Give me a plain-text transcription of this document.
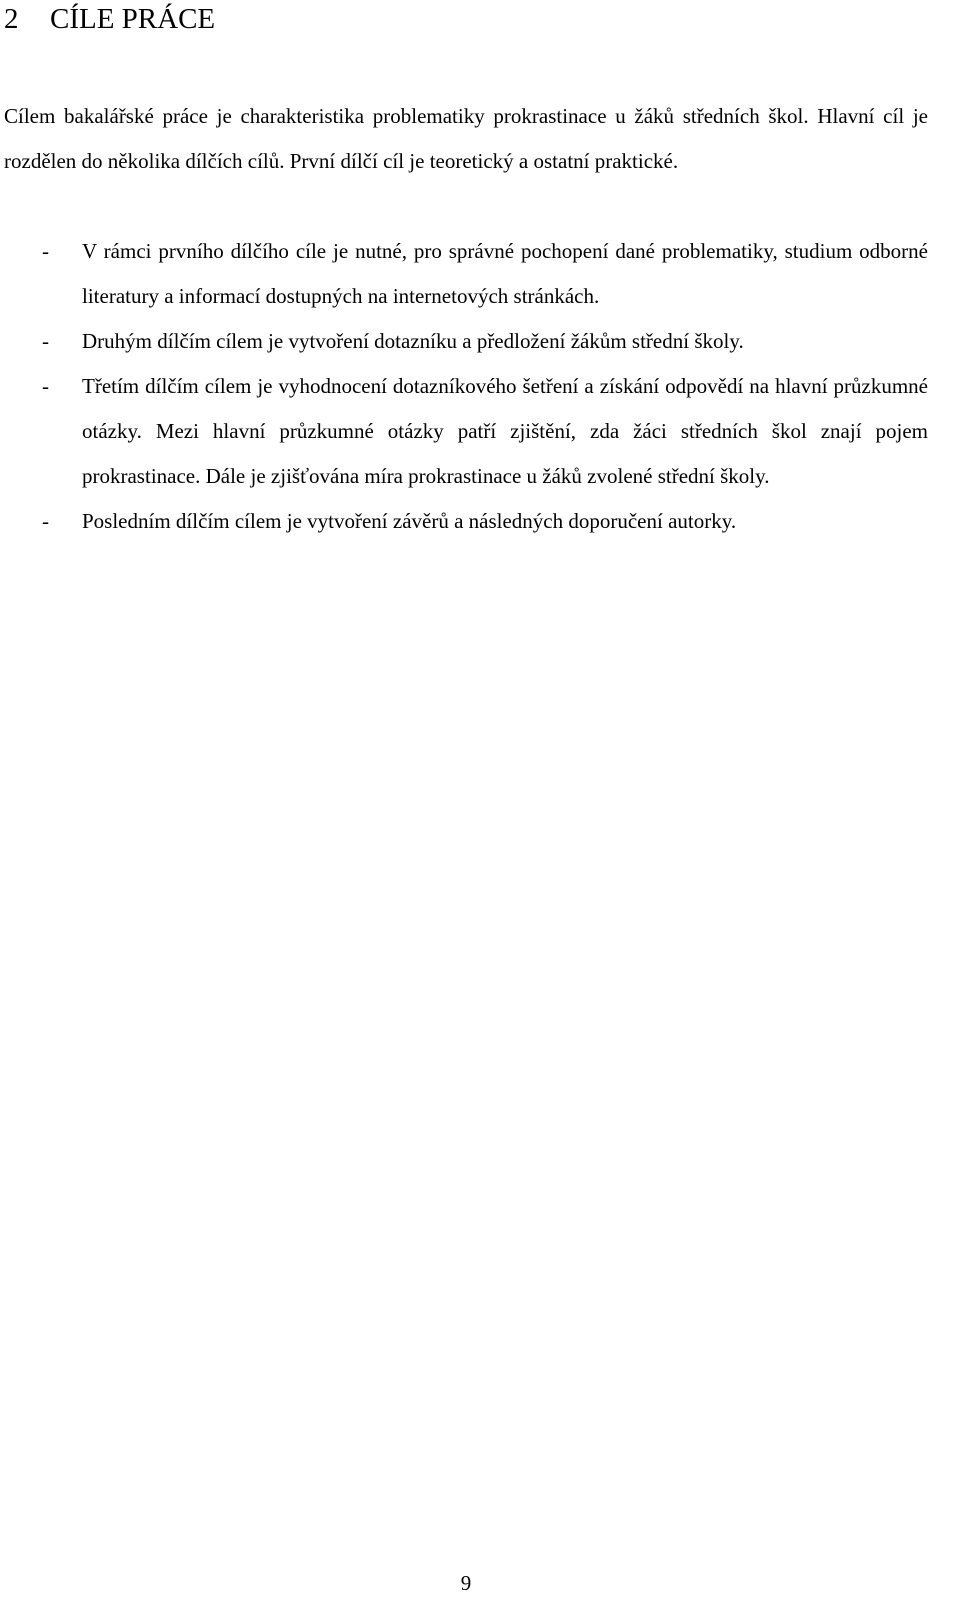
2 CÍLE PRÁCE

Cílem bakalářské práce je charakteristika problematiky prokrastinace u žáků středních škol. Hlavní cíl je rozdělen do několika dílčích cílů. První dílčí cíl je teoretický a ostatní praktické.

- V rámci prvního dílčího cíle je nutné, pro správné pochopení dané problematiky, studium odborné literatury a informací dostupných na internetových stránkách.
- Druhým dílčím cílem je vytvoření dotazníku a předložení žákům střední školy.
- Třetím dílčím cílem je vyhodnocení dotazníkového šetření a získání odpovědí na hlavní průzkumné otázky. Mezi hlavní průzkumné otázky patří zjištění, zda žáci středních škol znají pojem prokrastinace. Dále je zjišťována míra prokrastinace u žáků zvolené střední školy.
- Posledním dílčím cílem je vytvoření závěrů a následných doporučení autorky.
9
